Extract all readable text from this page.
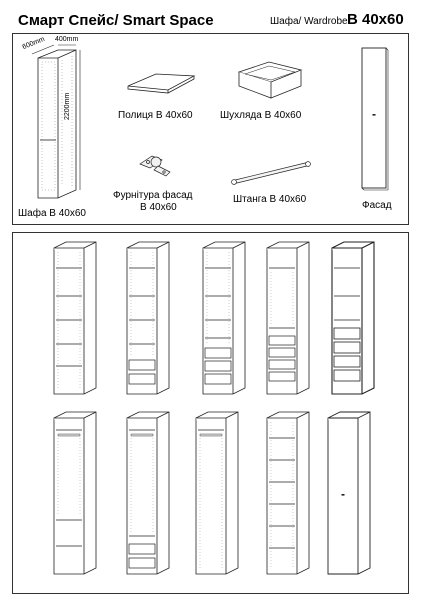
Смарт Спейс/ Smart Space	Шафа/ Wardrobe В 40х60
600mm 400mm
2200mm
Шафа В 40х60
Полиця В 40х60	Шухляда В 40х60
Фурнітура фасад
В 40х60
Штанга В 40х60
Фасад
